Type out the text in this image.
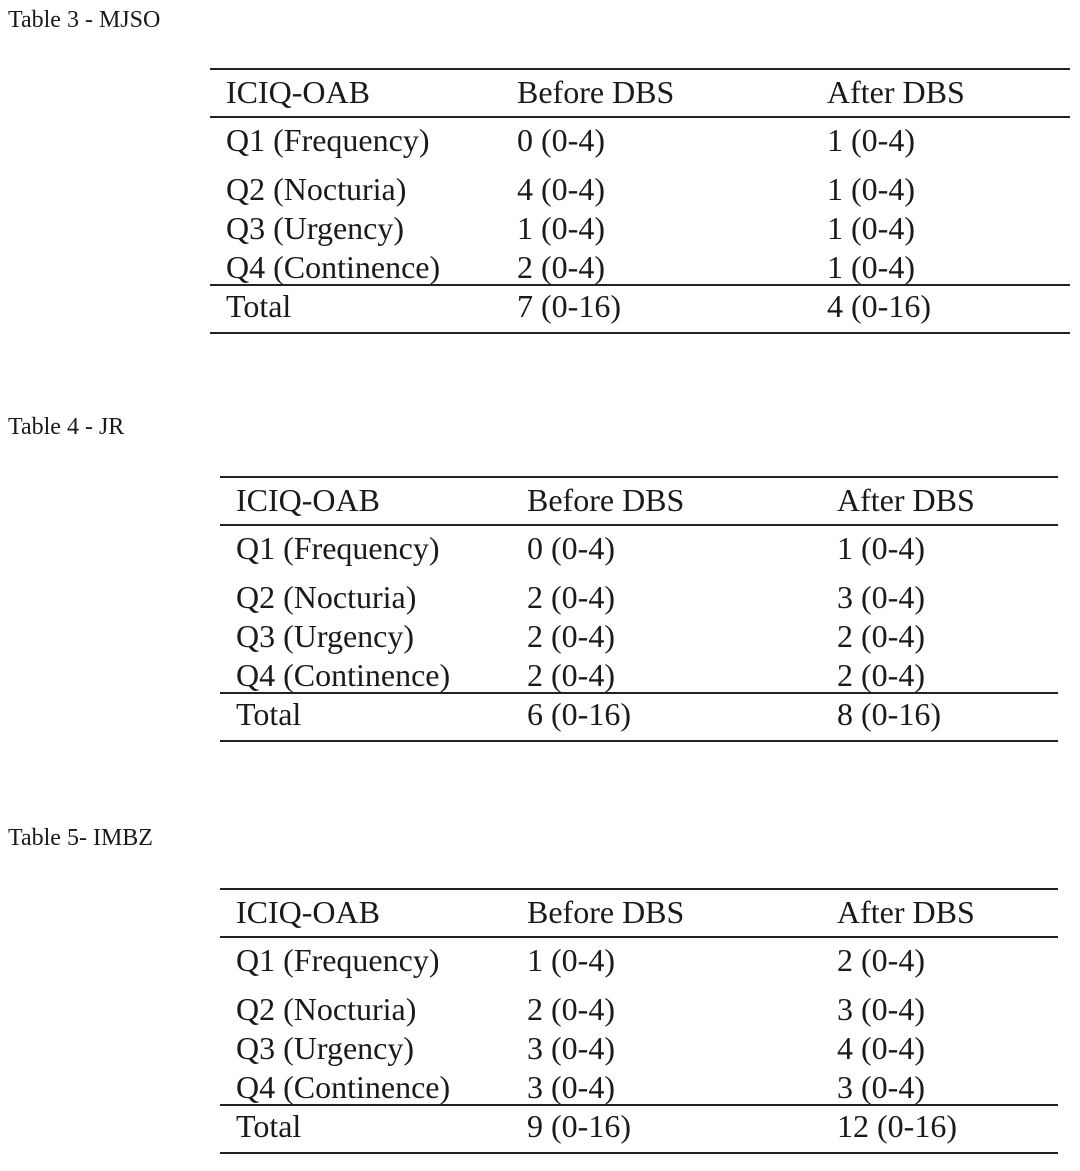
Table 3 - MJSO
ICIQ-OAB	Before DBS	After DBS
Q1 (Frequency)	0 (0-4)	1 (0-4)
Q2 (Nocturia)	4 (0-4)	1 (0-4)
Q3 (Urgency)	1 (0-4)	1 (0-4)
Q4 (Continence) 2 (0-4)	1 (0-4)
Total	7 (0-16)	4 (0-16)
Table 4 - JR
ICIQ-OAB	Before DBS	After DBS
Q1 (Frequency)	0 (0-4)	1 (0-4)
Q2 (Nocturia)	2 (0-4)	3 (0-4)
Q3 (Urgency)	2 (0-4)	2 (0-4)
Q4 (Continence) 2 (0-4)	2 (0-4)
Total	6 (0-16)	8 (0-16)
Table 5- IMBZ
ICIQ-OAB	Before DBS	After DBS
Q1 (Frequency)	1 (0-4)	2 (0-4)
Q2 (Nocturia)	2 (0-4)	3 (0-4)
Q3 (Urgency)	3 (0-4)	4 (0-4)
Q4 (Continence) 3 (0-4)	3 (0-4)
Total	9 (0-16)	12 (0-16)
